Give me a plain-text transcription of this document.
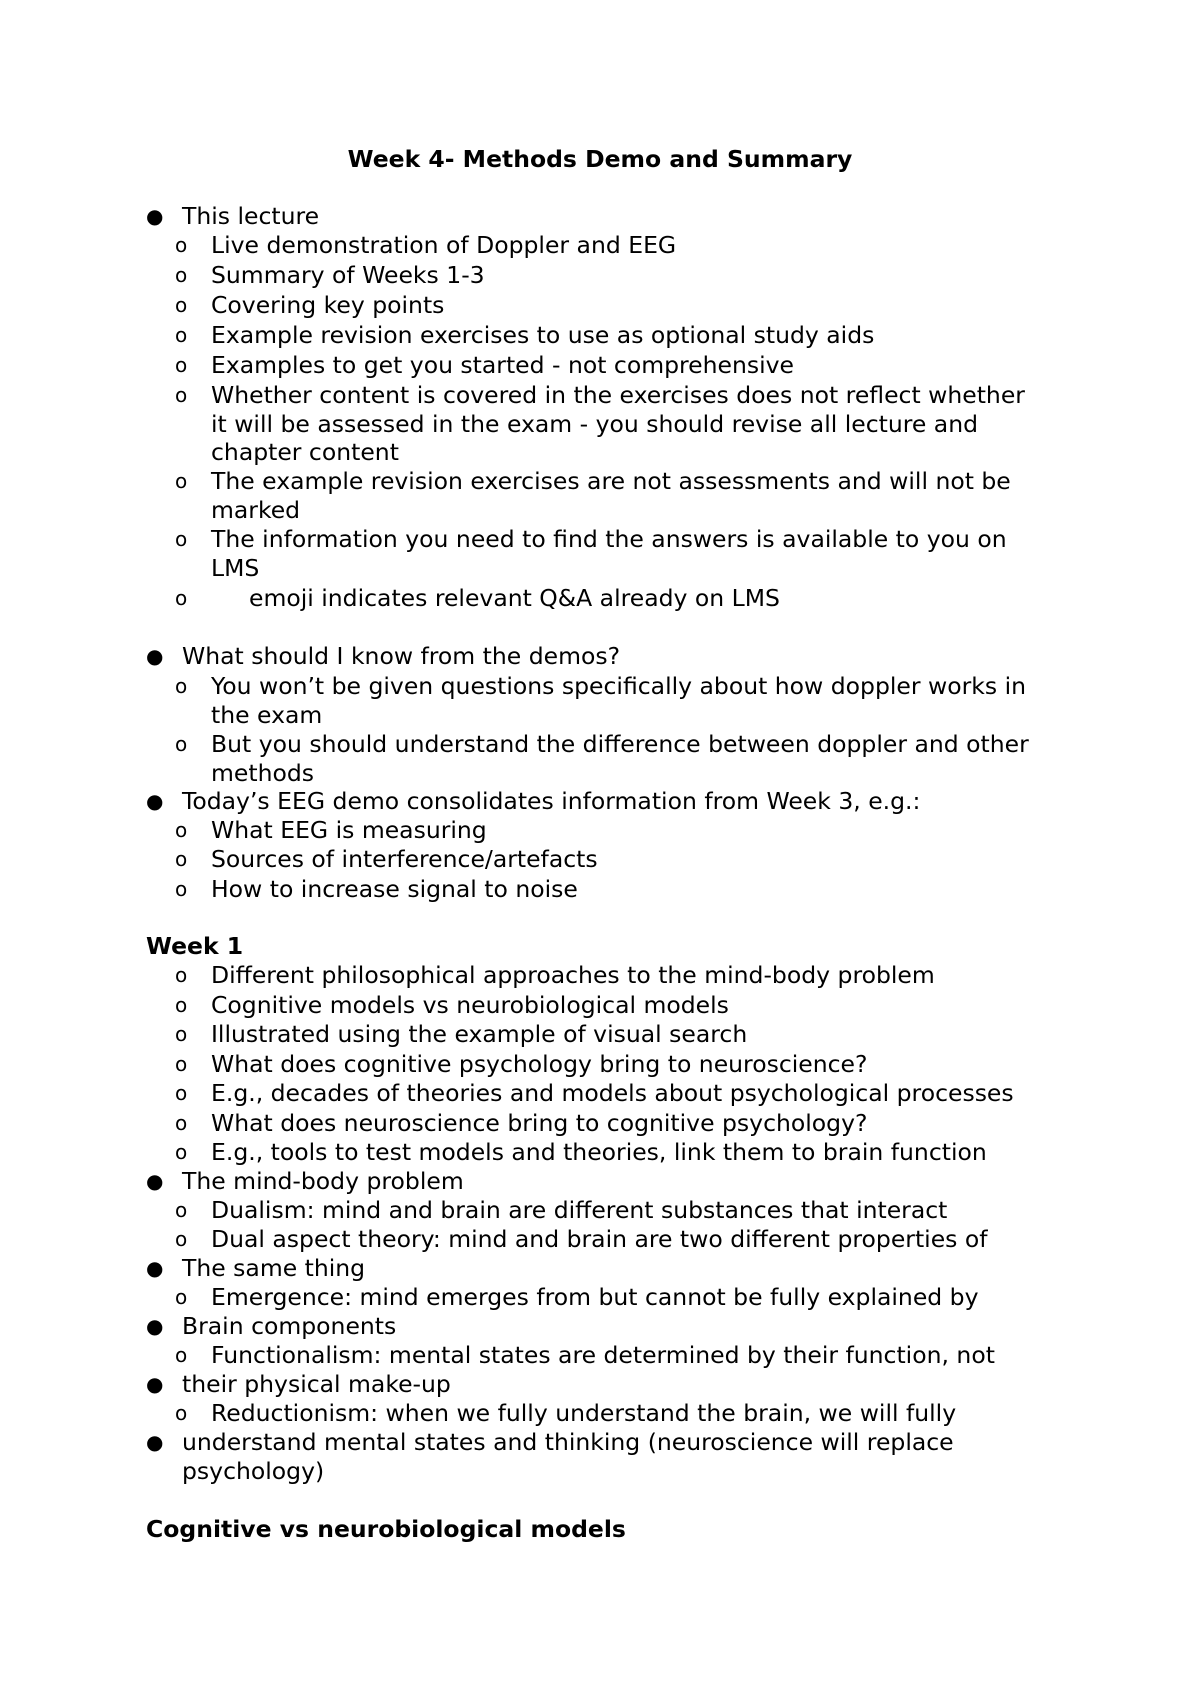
Week 4- Methods Demo and Summary
● This lecture
o Live demonstration of Doppler and EEG
o Summary of Weeks 1-3
o Covering key points
o Example revision exercises to use as optional study aids
o Examples to get you started - not comprehensive
o Whether content is covered in the exercises does not reflect whether
it will be assessed in the exam - you should revise all lecture and
chapter content
o The example revision exercises are not assessments and will not be
marked
o The information you need to find the answers is available to you on
LMS
o	emoji indicates relevant Q&A already on LMS
● What should I know from the demos?
o You won’t be given questions specifically about how doppler works in
the exam
o But you should understand the difference between doppler and other
methods
● Today’s EEG demo consolidates information from Week 3, e.g.:
o What EEG is measuring
o Sources of interference/artefacts
o How to increase signal to noise
Week 1
o Different philosophical approaches to the mind-body problem
o Cognitive models vs neurobiological models
o Illustrated using the example of visual search
o What does cognitive psychology bring to neuroscience?
o E.g., decades of theories and models about psychological processes
o What does neuroscience bring to cognitive psychology?
o E.g., tools to test models and theories, link them to brain function
● The mind-body problem
o Dualism: mind and brain are different substances that interact
o Dual aspect theory: mind and brain are two different properties of
● The same thing
o Emergence: mind emerges from but cannot be fully explained by
● Brain components
o Functionalism: mental states are determined by their function, not
● their physical make-up
o Reductionism: when we fully understand the brain, we will fully
● understand mental states and thinking (neuroscience will replace
psychology)
Cognitive vs neurobiological models
